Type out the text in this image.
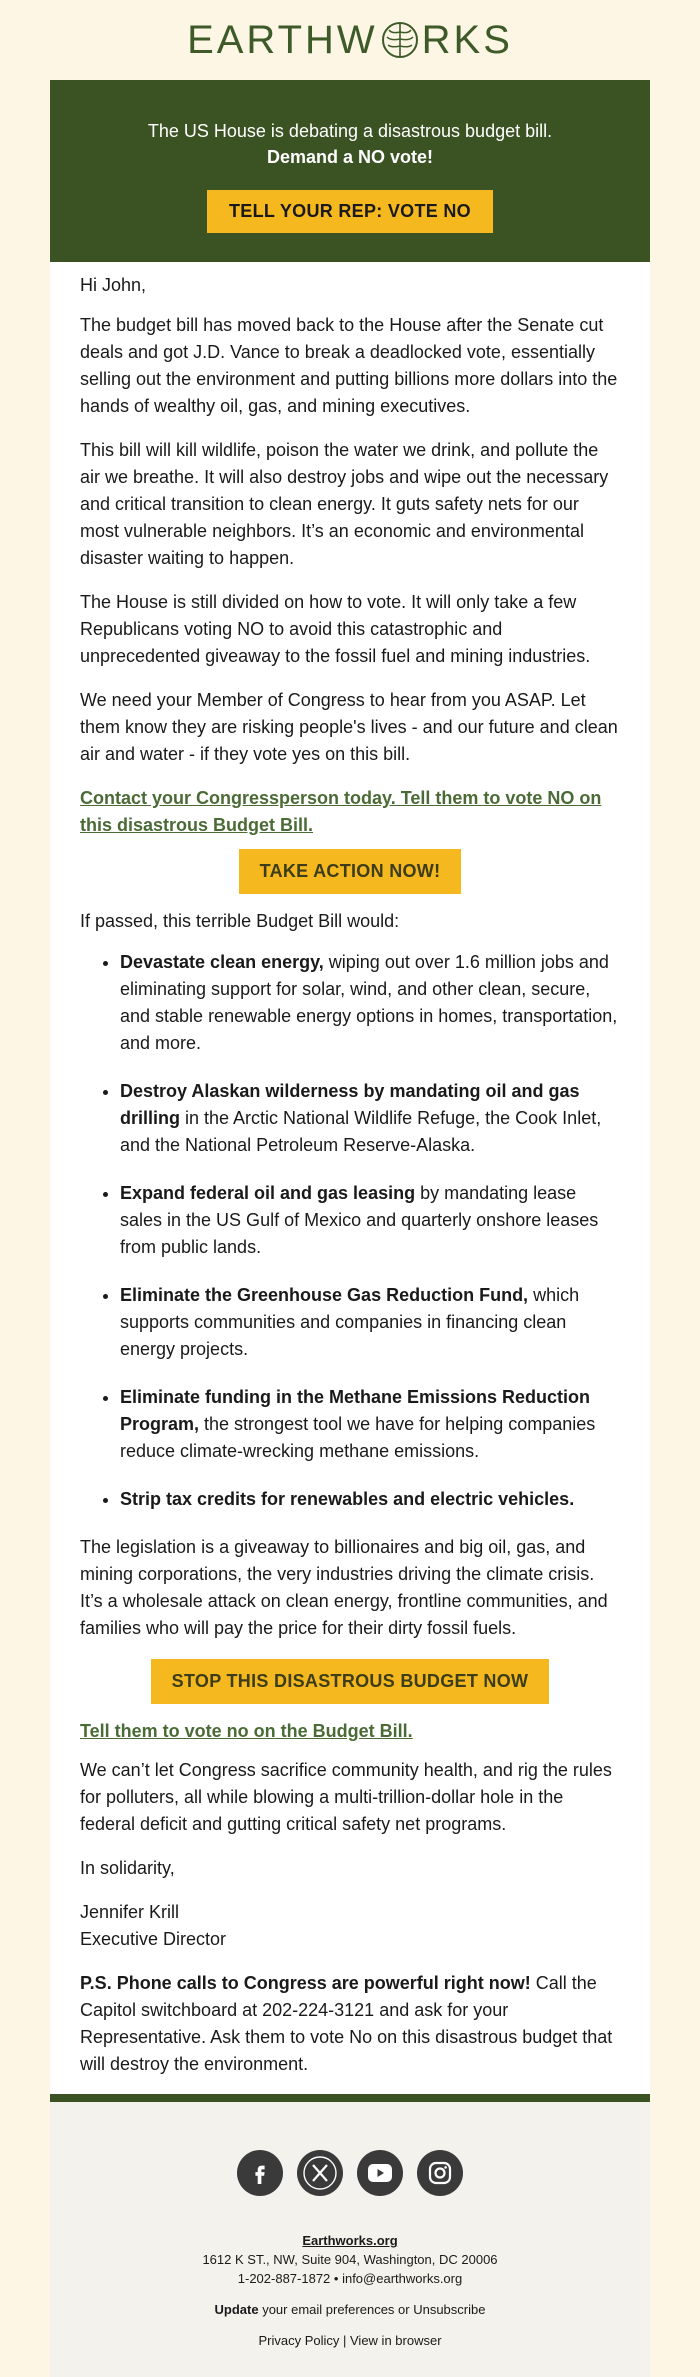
EARTHW RKS
The US House is debating a disastrous budget bill.
Demand a NO vote!
TELL YOUR REP: VOTE NO

Hi John,

The budget bill has moved back to the House after the Senate cut deals and got J.D. Vance to break a deadlocked vote, essentially selling out the environment and putting billions more dollars into the hands of wealthy oil, gas, and mining executives.

This bill will kill wildlife, poison the water we drink, and pollute the air we breathe. It will also destroy jobs and wipe out the necessary and critical transition to clean energy. It guts safety nets for our most vulnerable neighbors. It’s an economic and environmental disaster waiting to happen.

The House is still divided on how to vote. It will only take a few Republicans voting NO to avoid this catastrophic and unprecedented giveaway to the fossil fuel and mining industries.

We need your Member of Congress to hear from you ASAP. Let them know they are risking people's lives - and our future and clean air and water - if they vote yes on this bill.

Contact your Congressperson today. Tell them to vote NO on this disastrous Budget Bill.

TAKE ACTION NOW!

If passed, this terrible Budget Bill would:

• Devastate clean energy, wiping out over 1.6 million jobs and eliminating support for solar, wind, and other clean, secure, and stable renewable energy options in homes, transportation, and more.
• Destroy Alaskan wilderness by mandating oil and gas drilling in the Arctic National Wildlife Refuge, the Cook Inlet, and the National Petroleum Reserve-Alaska.
• Expand federal oil and gas leasing by mandating lease sales in the US Gulf of Mexico and quarterly onshore leases from public lands.
• Eliminate the Greenhouse Gas Reduction Fund, which supports communities and companies in financing clean energy projects.
• Eliminate funding in the Methane Emissions Reduction Program, the strongest tool we have for helping companies reduce climate-wrecking methane emissions.
• Strip tax credits for renewables and electric vehicles.

The legislation is a giveaway to billionaires and big oil, gas, and mining corporations, the very industries driving the climate crisis. It’s a wholesale attack on clean energy, frontline communities, and families who will pay the price for their dirty fossil fuels.

STOP THIS DISASTROUS BUDGET NOW

Tell them to vote no on the Budget Bill.

We can’t let Congress sacrifice community health, and rig the rules for polluters, all while blowing a multi-trillion-dollar hole in the federal deficit and gutting critical safety net programs.

In solidarity,

Jennifer Krill
Executive Director

P.S. Phone calls to Congress are powerful right now! Call the Capitol switchboard at 202-224-3121 and ask for your Representative. Ask them to vote No on this disastrous budget that will destroy the environment.

Earthworks.org
1612 K ST., NW, Suite 904, Washington, DC 20006
1-202-887-1872 • info@earthworks.org
Update your email preferences or Unsubscribe
Privacy Policy | View in browser
